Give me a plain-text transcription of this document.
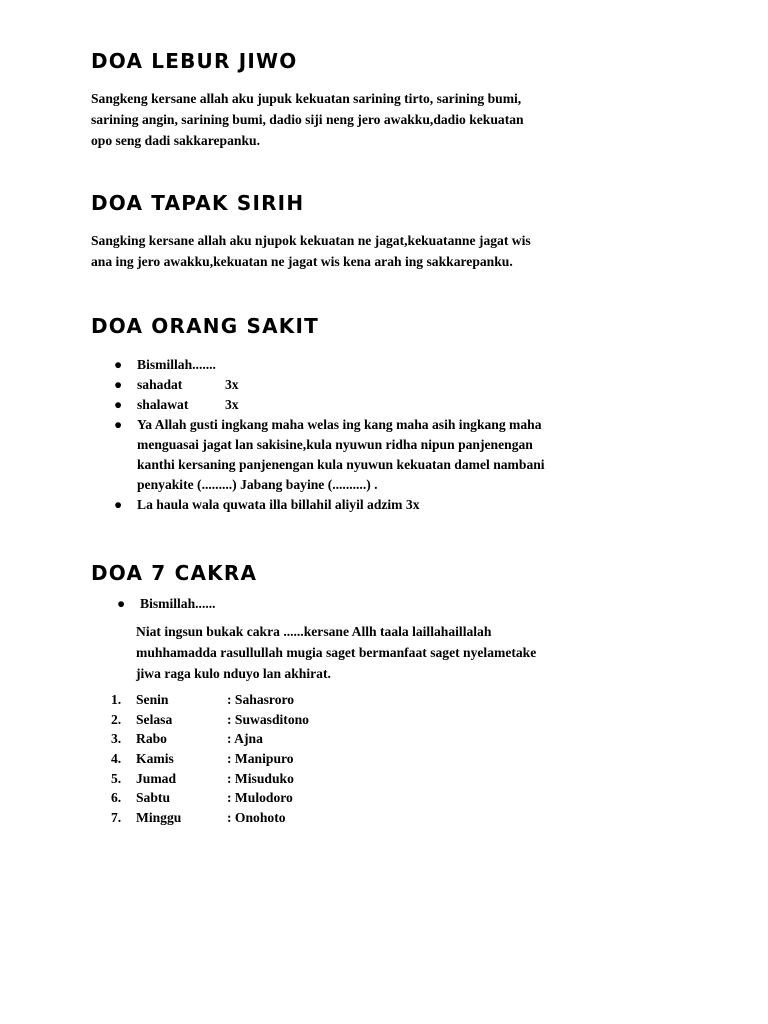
DOA LEBUR JIWO
Sangkeng kersane allah aku jupuk kekuatan sarining tirto, sarining bumi,
sarining angin, sarining bumi, dadio siji neng jero awakku,dadio kekuatan
opo seng dadi sakkarepanku.
DOA TAPAK SIRIH
Sangking kersane allah aku njupok kekuatan ne jagat,kekuatanne jagat wis
ana ing jero awakku,kekuatan ne jagat wis kena arah ing sakkarepanku.
DOA ORANG SAKIT
● Bismillah.......
● sahadat	3x
● shalawat	3x
● Ya Allah gusti ingkang maha welas ing kang maha asih ingkang maha
menguasai jagat lan sakisine,kula nyuwun ridha nipun panjenengan
kanthi kersaning panjenengan kula nyuwun kekuatan damel nambani
penyakite (.........) Jabang bayine (..........) .
● La haula wala quwata illa billahil aliyil adzim 3x
DOA 7 CAKRA
● Bismillah......
Niat ingsun bukak cakra ......kersane Allh taala laillahaillalah
muhhamadda rasullullah mugia saget bermanfaat saget nyelametake
jiwa raga kulo nduyo lan akhirat.
1. Senin	: Sahasroro
2. Selasa	: Suwasditono
3. Rabo	: Ajna
4. Kamis	: Manipuro
5. Jumad	: Misuduko
6. Sabtu	: Mulodoro
7. Minggu	: Onohoto
